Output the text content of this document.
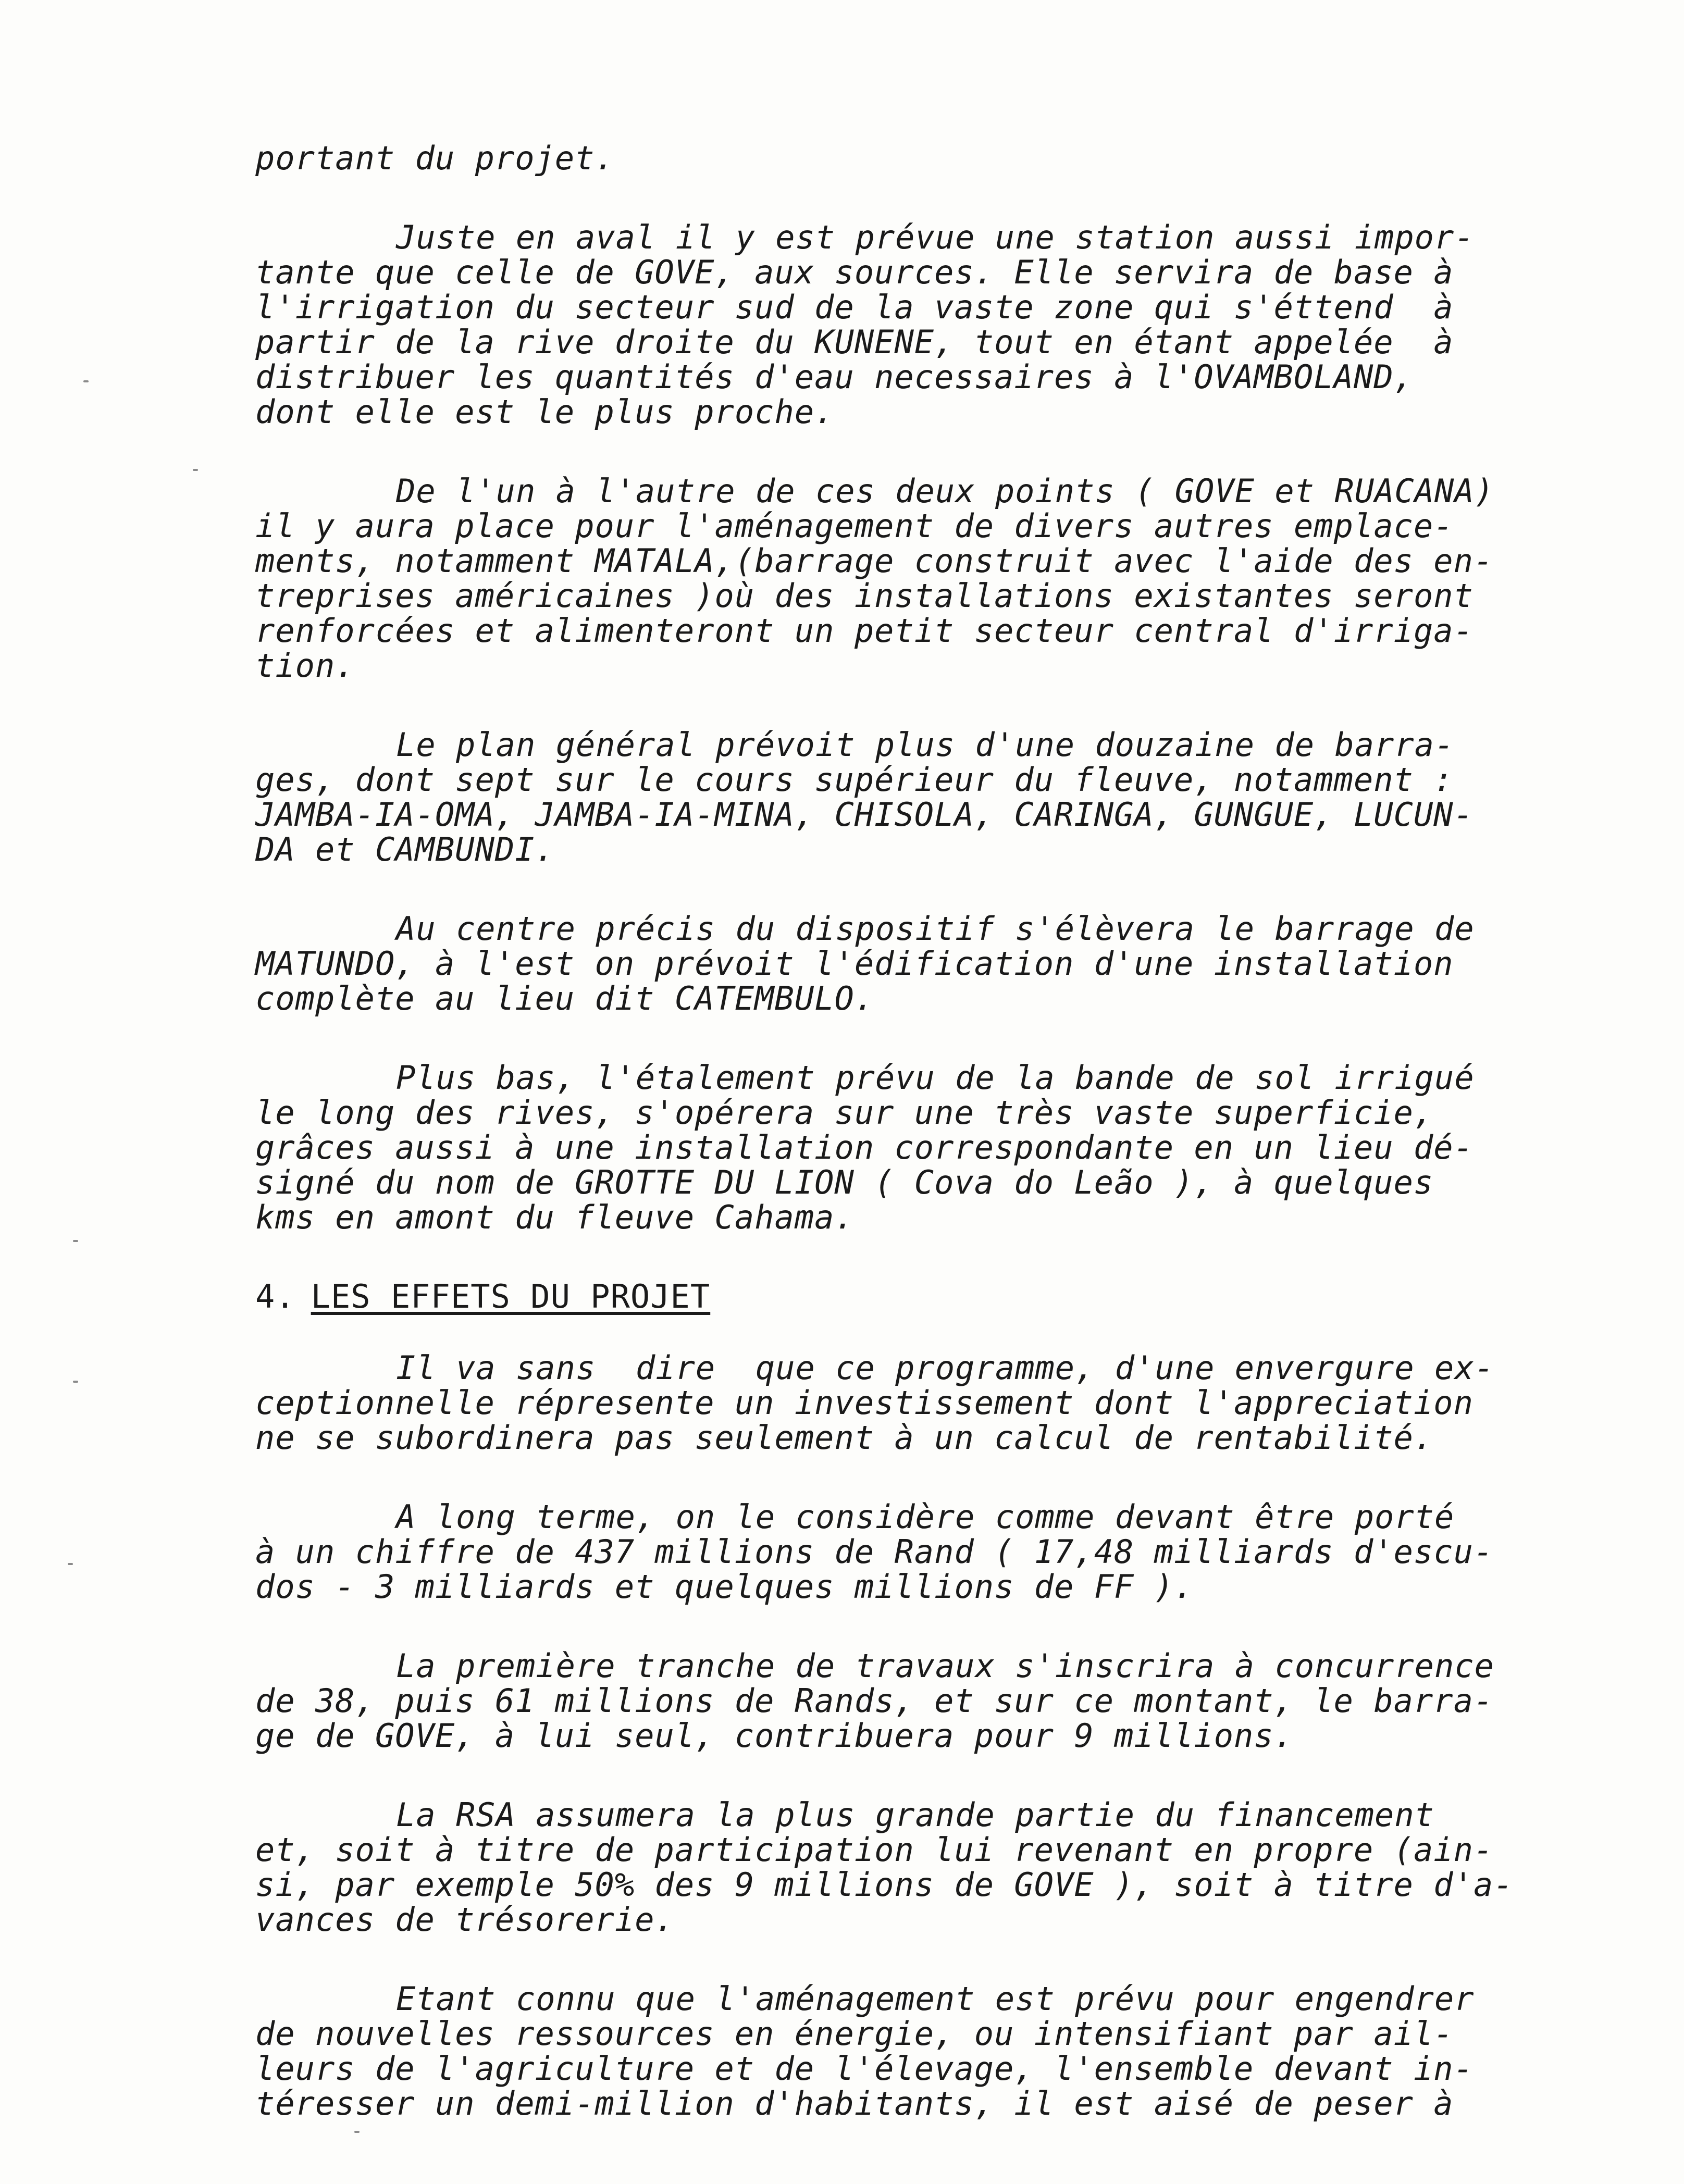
portant du projet.
Juste en aval il y est prévue une station aussi impor-
tante que celle de GOVE, aux sources. Elle servira de base à
l'irrigation du secteur sud de la vaste zone qui s'éttend  à
partir de la rive droite du KUNENE, tout en étant appelée  à
distribuer les quantités d'eau necessaires à l'OVAMBOLAND,
dont elle est le plus proche.
De l'un à l'autre de ces deux points ( GOVE et RUACANA)
il y aura place pour l'aménagement de divers autres emplace-
ments, notamment MATALA,(barrage construit avec l'aide des en-
treprises américaines )où des installations existantes seront
renforcées et alimenteront un petit secteur central d'irriga-
tion.
Le plan général prévoit plus d'une douzaine de barra-
ges, dont sept sur le cours supérieur du fleuve, notamment :
JAMBA-IA-OMA, JAMBA-IA-MINA, CHISOLA, CARINGA, GUNGUE, LUCUN-
DA et CAMBUNDI.
Au centre précis du dispositif s'élèvera le barrage de
MATUNDO, à l'est on prévoit l'édification d'une installation
complète au lieu dit CATEMBULO.
Plus bas, l'étalement prévu de la bande de sol irrigué
le long des rives, s'opérera sur une très vaste superficie,
grâces aussi à une installation correspondante en un lieu dé-
signé du nom de GROTTE DU LION ( Cova do Leão ), à quelques
kms en amont du fleuve Cahama.
4. LES EFFETS DU PROJET
Il va sans  dire  que ce programme, d'une envergure ex-
ceptionnelle répresente un investissement dont l'appreciation
ne se subordinera pas seulement à un calcul de rentabilité.
A long terme, on le considère comme devant être porté
à un chiffre de 437 millions de Rand ( 17,48 milliards d'escu-
dos - 3 milliards et quelques millions de FF ).
La première tranche de travaux s'inscrira à concurrence
de 38, puis 61 millions de Rands, et sur ce montant, le barra-
ge de GOVE, à lui seul, contribuera pour 9 millions.
La RSA assumera la plus grande partie du financement
et, soit à titre de participation lui revenant en propre (ain-
si, par exemple 50% des 9 millions de GOVE ), soit à titre d'a-
vances de trésorerie.
Etant connu que l'aménagement est prévu pour engendrer
de nouvelles ressources en énergie, ou intensifiant par ail-
leurs de l'agriculture et de l'élevage, l'ensemble devant in-
téresser un demi-million d'habitants, il est aisé de peser à
